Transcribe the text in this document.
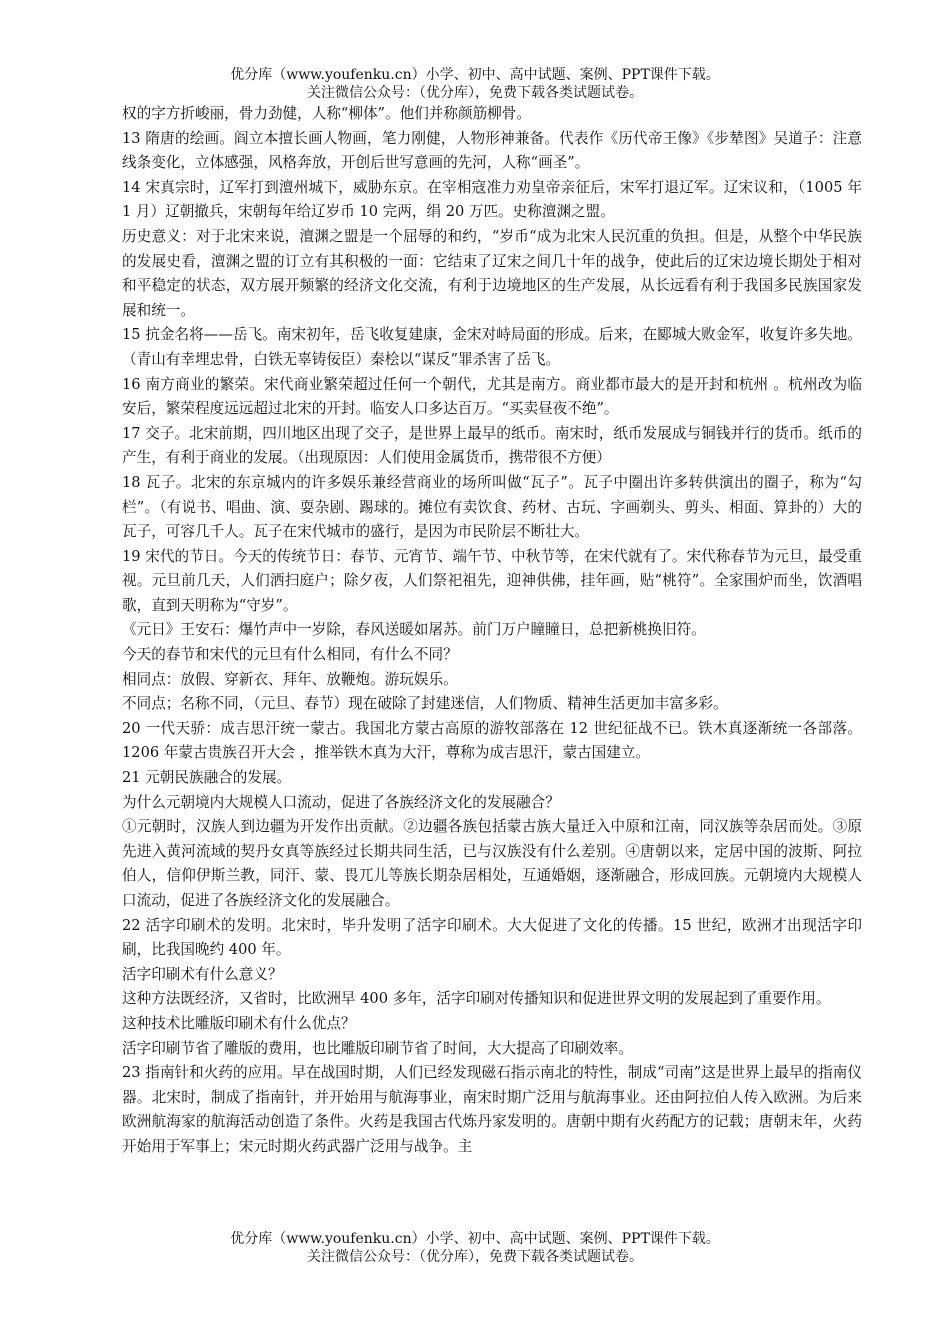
优分库（www.youfenku.cn）小学、初中、高中试题、案例、PPT课件下载。
关注微信公众号：（优分库），免费下载各类试题试卷。

权的字方折峻丽，骨力劲健，人称“柳体”。他们并称颜筋柳骨。

13 隋唐的绘画。阎立本擅长画人物画，笔力刚健，人物形神兼备。代表作《历代帝王像》《步辇图》吴道子：注意线条变化，立体感强，风格奔放，开创后世写意画的先河，人称“画圣”。

14 宋真宗时，辽军打到澶州城下，威胁东京。在宰相寇准力劝皇帝亲征后，宋军打退辽军。辽宋议和，（1005 年 1 月）辽朝撤兵，宋朝每年给辽岁币 10 完两，绢 20 万匹。史称澶渊之盟。

历史意义：对于北宋来说，澶渊之盟是一个屈辱的和约，“岁币“成为北宋人民沉重的负担。但是，从整个中华民族的发展史看，澶渊之盟的订立有其积极的一面：它结束了辽宋之间几十年的战争，使此后的辽宋边境长期处于相对和平稳定的状态，双方展开频繁的经济文化交流，有利于边境地区的生产发展，从长远看有利于我国多民族国家发展和统一。

15 抗金名将——岳飞。南宋初年，岳飞收复建康，金宋对峙局面的形成。后来，在郾城大败金军，收复许多失地。（青山有幸埋忠骨，白铁无辜铸佞臣）秦桧以“谋反”罪杀害了岳飞。

16 南方商业的繁荣。宋代商业繁荣超过任何一个朝代，尤其是南方。商业都市最大的是开封和杭州 。杭州改为临安后，繁荣程度远远超过北宋的开封。临安人口多达百万。“买卖昼夜不绝”。

17 交子。北宋前期，四川地区出现了交子，是世界上最早的纸币。南宋时，纸币发展成与铜钱并行的货币。纸币的产生，有利于商业的发展。（出现原因：人们使用金属货币，携带很不方便）

18 瓦子。北宋的东京城内的许多娱乐兼经营商业的场所叫做“瓦子”。瓦子中圈出许多转供演出的圈子，称为“勾栏”。（有说书、唱曲、演、耍杂剧、踢球的。摊位有卖饮食、药材、古玩、字画剃头、剪头、相面、算卦的）大的瓦子，可容几千人。瓦子在宋代城市的盛行，是因为市民阶层不断壮大。

19 宋代的节日。今天的传统节日：春节、元宵节、端午节、中秋节等，在宋代就有了。宋代称春节为元旦，最受重视。元旦前几天，人们洒扫庭户；除夕夜，人们祭祀祖先，迎神供佛，挂年画，贴“桃符”。全家围炉而坐，饮酒唱歌，直到天明称为“守岁”。

《元日》王安石：爆竹声中一岁除，春风送暖如屠苏。前门万户瞳瞳日，总把新桃换旧符。

今天的春节和宋代的元旦有什么相同，有什么不同？

相同点：放假、穿新衣、拜年、放鞭炮。游玩娱乐。

不同点；名称不同，（元旦、春节）现在破除了封建迷信，人们物质、精神生活更加丰富多彩。

20 一代天骄：成吉思汗统一蒙古。我国北方蒙古高原的游牧部落在 12 世纪征战不已。铁木真逐渐统一各部落。1206 年蒙古贵族召开大会 ，推举铁木真为大汗，尊称为成吉思汗，蒙古国建立。

21 元朝民族融合的发展。

为什么元朝境内大规模人口流动，促进了各族经济文化的发展融合？

①元朝时，汉族人到边疆为开发作出贡献。②边疆各族包括蒙古族大量迁入中原和江南，同汉族等杂居而处。③原先进入黄河流域的契丹女真等族经过长期共同生活，已与汉族没有什么差别。④唐朝以来，定居中国的波斯、阿拉伯人，信仰伊斯兰教，同汗、蒙、畏兀儿等族长期杂居相处，互通婚姻，逐渐融合，形成回族。元朝境内大规模人口流动，促进了各族经济文化的发展融合。

22 活字印刷术的发明。北宋时，毕升发明了活字印刷术。大大促进了文化的传播。15 世纪，欧洲才出现活字印刷，比我国晚约 400 年。

活字印刷术有什么意义？

这种方法既经济，又省时，比欧洲早 400 多年，活字印刷对传播知识和促进世界文明的发展起到了重要作用。

这种技术比雕版印刷术有什么优点？

活字印刷节省了雕版的费用，也比雕版印刷节省了时间，大大提高了印刷效率。

23 指南针和火药的应用。早在战国时期，人们已经发现磁石指示南北的特性，制成“司南”这是世界上最早的指南仪器。北宋时，制成了指南针，并开始用与航海事业，南宋时期广泛用与航海事业。还由阿拉伯人传入欧洲。为后来欧洲航海家的航海活动创造了条件。火药是我国古代炼丹家发明的。唐朝中期有火药配方的记载；唐朝末年，火药开始用于军事上；宋元时期火药武器广泛用与战争。主

优分库（www.youfenku.cn）小学、初中、高中试题、案例、PPT课件下载。
关注微信公众号：（优分库），免费下载各类试题试卷。
